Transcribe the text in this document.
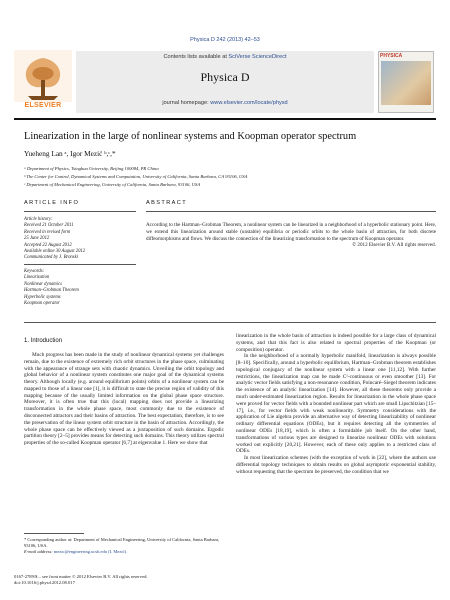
Physica D 242 (2013) 42–53
ELSEVIER
Contents lists available at SciVerse ScienceDirect
Physica D
journal homepage: www.elsevier.com/locate/physd
PHYSICA
Linearization in the large of nonlinear systems and Koopman operator spectrum
Yueheng Lan ᵃ, Igor Mezić ᵇ,ᶜ,*
ᵃ Department of Physics, Tsinghua University, Beijing 100084, PR China
ᵇ The Center for Control, Dynamical Systems and Computation, University of California, Santa Barbara, CA 93106, USA
ᶜ Department of Mechanical Engineering, University of California, Santa Barbara, 93106, USA
ARTICLE INFO	ABSTRACT
Article history:
Received 21 October 2011
Received in revised form
25 June 2012
Accepted 22 August 2012
Available online 30 August 2012
Communicated by J. Bronski
Keywords:
Linearization
Nonlinear dynamics
Hartman–Grobman Theorem
Hyperbolic systems
Koopman operator
According to the Hartman–Grobman Theorem, a nonlinear system can be linearized in a neighborhood of a hyperbolic stationary point. Here, we extend this linearization around stable (unstable) equilibria or periodic orbits to the whole basin of attraction, for both discrete diffeomorphisms and flows. We discuss the connection of the linearizing transformation to the spectrum of Koopman operator.
© 2012 Elsevier B.V. All rights reserved.
1. Introduction

Much progress has been made in the study of nonlinear dynamical systems yet challenges remain, due to the existence of extremely rich orbit structures in the phase space, culminating with the appearance of strange sets with chaotic dynamics. Unveiling the orbit topology and global behavior of a nonlinear system constitutes one major goal of the dynamical systems theory. Although locally (e.g. around equilibrium points) orbits of a nonlinear system can be mapped to those of a linear one [1], it is difficult to state the precise region of validity of this mapping because of the usually limited information on the global phase space structure. Moreover, it is often true that this (local) mapping does not provide a linearizing transformation in the whole phase space, most commonly due to the existence of disconnected attractors and their basins of attraction. The best expectation, therefore, is to see the preservation of the linear system orbit structure in the basin of attraction. Accordingly, the whole phase space can be effectively viewed as a juxtaposition of such domains. Ergodic partition theory [2–5] provides means for detecting such domains. This theory utilizes spectral properties of the so-called Koopman operator [6,7] at eigenvalue 1. Here we show that

linearization in the whole basin of attraction is indeed possible for a large class of dynamical systems, and that this fact is also related to spectral properties of the Koopman (or composition) operator.

In the neighborhood of a normally hyperbolic manifold, linearization is always possible [8–10]. Specifically, around a hyperbolic equilibrium, Hartman–Grobman theorem establishes topological conjugacy of the nonlinear system with a linear one [11,12]. With further restrictions, the linearization map can be made C¹-continuous or even smoother [13]. For analytic vector fields satisfying a non-resonance condition, Poincaré–Siegel theorem indicates the existence of an analytic linearization [14]. However, all these theorems only provide a much under-estimated linearization region. Results for linearization in the whole phase space were proved for vector fields with a bounded nonlinear part which are small Lipschitzian [15–17], i.e., for vector fields with weak nonlinearity. Symmetry considerations with the application of Lie algebra provide an alternative way of detecting linearizability of nonlinear ordinary differential equations (ODEs), but it requires detecting all the symmetries of nonlinear ODEs [18,19], which is often a formidable job itself. On the other hand, transformations of various types are designed to linearize nonlinear ODEs with solutions worked out explicitly [20,21]. However, each of these only applies to a restricted class of ODEs.

In most linearization schemes (with the exception of work in [22], where the authors use differential topology techniques to obtain results on global asymptotic exponential stability, without requesting that the spectrum be preserved, the condition that we

* Corresponding author at: Department of Mechanical Engineering, University of California, Santa Barbara, 93106, USA.
E-mail address: mezic@engineering.ucsb.edu (I. Mezić).
0167-2789/$ – see front matter © 2012 Elsevier B.V. All rights reserved.
doi:10.1016/j.physd.2012.08.017
